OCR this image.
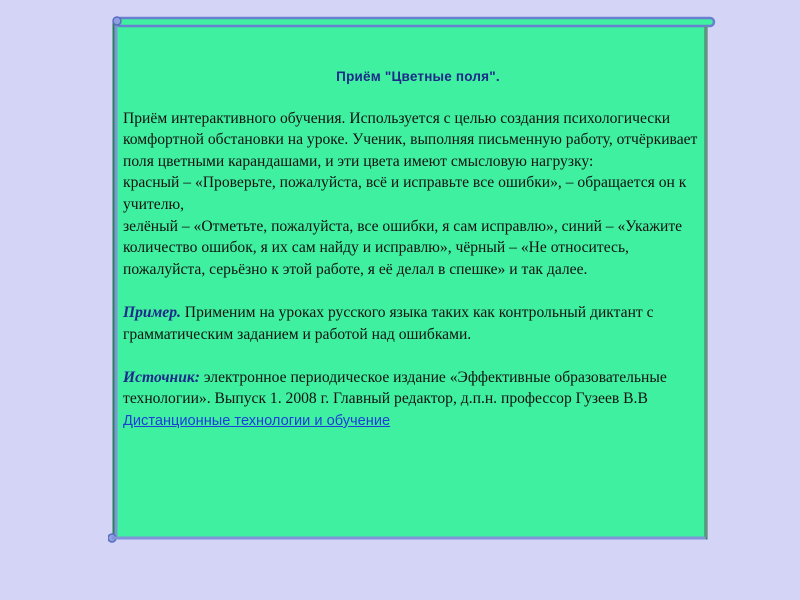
Приём "Цветные поля".

Приём интерактивного обучения. Используется с целью создания психологически комфортной обстановки на уроке. Ученик, выполняя письменную работу, отчёркивает поля цветными карандашами, и эти цвета имеют смысловую нагрузку:

красный – «Проверьте, пожалуйста, всё и исправьте все ошибки», – обращается он к учителю,

зелёный – «Отметьте, пожалуйста, все ошибки, я сам исправлю», синий – «Укажите количество ошибок, я их сам найду и исправлю», чёрный – «Не относитесь, пожалуйста, серьёзно к этой работе, я её делал в спешке» и так далее.

Пример. Применим на уроках русского языка таких как контрольный диктант с грамматическим заданием и работой над ошибками.

Источник: электронное периодическое издание «Эффективные образовательные технологии». Выпуск 1. 2008 г. Главный редактор, д.п.н. профессор Гузеев В.В Дистанционные технологии и обучение
